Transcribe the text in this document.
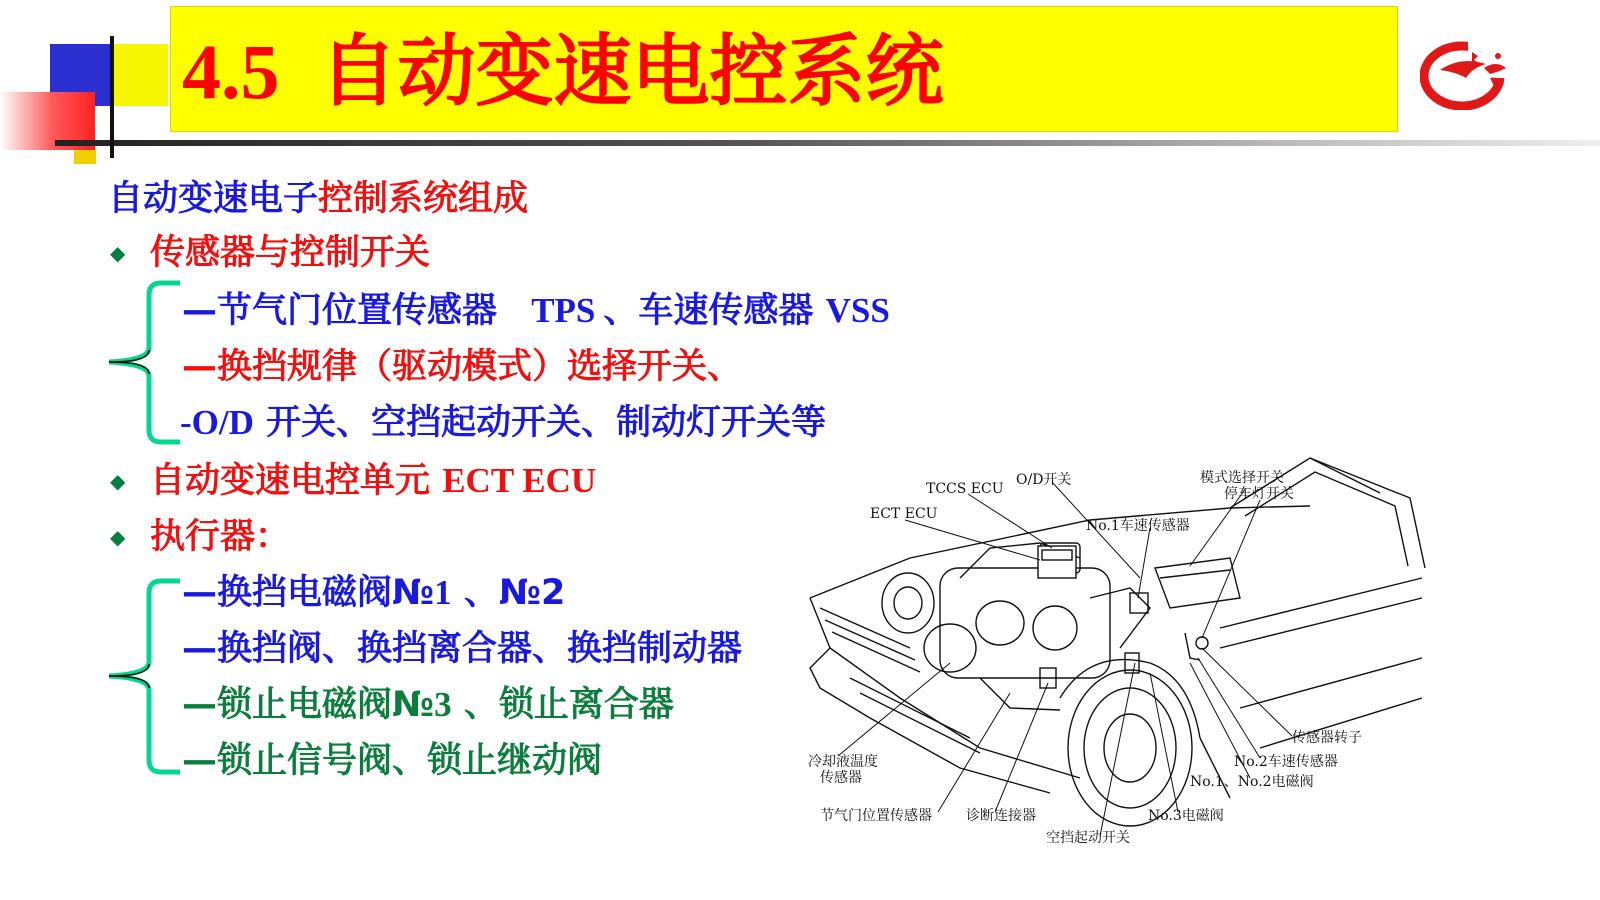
4.5 自动变速电控系统
自动变速电子控制系统组成
◆ 传感器与控制开关
—节气门位置传感器 TPS 、车速传感器 VSS
—换挡规律（驱动模式）选择开关、
-O/D 开关、空挡起动开关、制动灯开关等
◆ 自动变速电控单元 ECT ECU
◆ 执行器：
—换挡电磁阀№1 、№2
—换挡阀、换挡离合器、换挡制动器
—锁止电磁阀№3 、锁止离合器
—锁止信号阀、锁止继动阀
TCCS ECU
O/D开关	模式选择开关
停车灯开关
ECT ECU
No.1车速传感器
传感器转子
No.2车速传感器
No.1、No.2电磁阀
冷却液温度
传感器
节气门位置传感器 诊断连接器	No.3电磁阀
空挡起动开关
